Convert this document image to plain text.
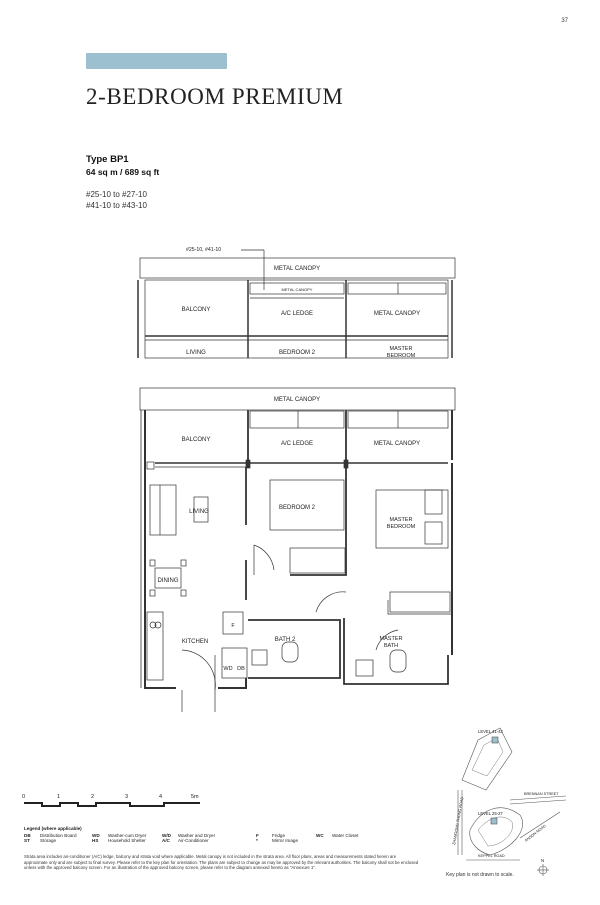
37
2-BEDROOM PREMIUM
Type BP1
64 sq m / 689 sq ft
#25-10 to #27-10
#41-10 to #43-10
#25-10, #41-10
METAL CANOPY
METAL CANOPY
BALCONY
A/C LEDGE	METAL CANOPY
LIVING	BEDROOM 2
MASTER
BEDROOM
METAL CANOPY
BALCONY
A/C LEDGE	METAL CANOPY
LIVING
BEDROOM 2
MASTER
BEDROOM
DINING
KITCHEN
F
WD DB
BATH 2	MASTER
BATH
0	1	2	3	4	5m
LEVEL 41-43
LEVEL 25-27
BRENNAN STREET
ZHANGONG THONG ROAD	ANSON ROAD
KEPPEL ROAD
N
Legend (where applicable)
DB	Distribution Board	WD	Washer-cum Dryer	W/D	Washer and Dryer	F	Fridge	WC	Water Closet
ST	Storage	HS	Household Shelter	A/C	Air-Conditioner	*	Mirror Image
Strata area includes air-conditioner (A/C) ledge, balcony and strata void where applicable. Metal canopy is not included in the strata area. All floor plans, areas and measurements stated herein are approximate only and are subject to final survey. Please refer to the key plan for orientation. The plans are subject to change as may be approved by the relevant authorities. The balcony shall not be enclosed unless with the approved balcony screen. For an illustration of the approved balcony screen, please refer to the diagram annexed hereto as "Annexure 1".
Key plan is not drawn to scale.
